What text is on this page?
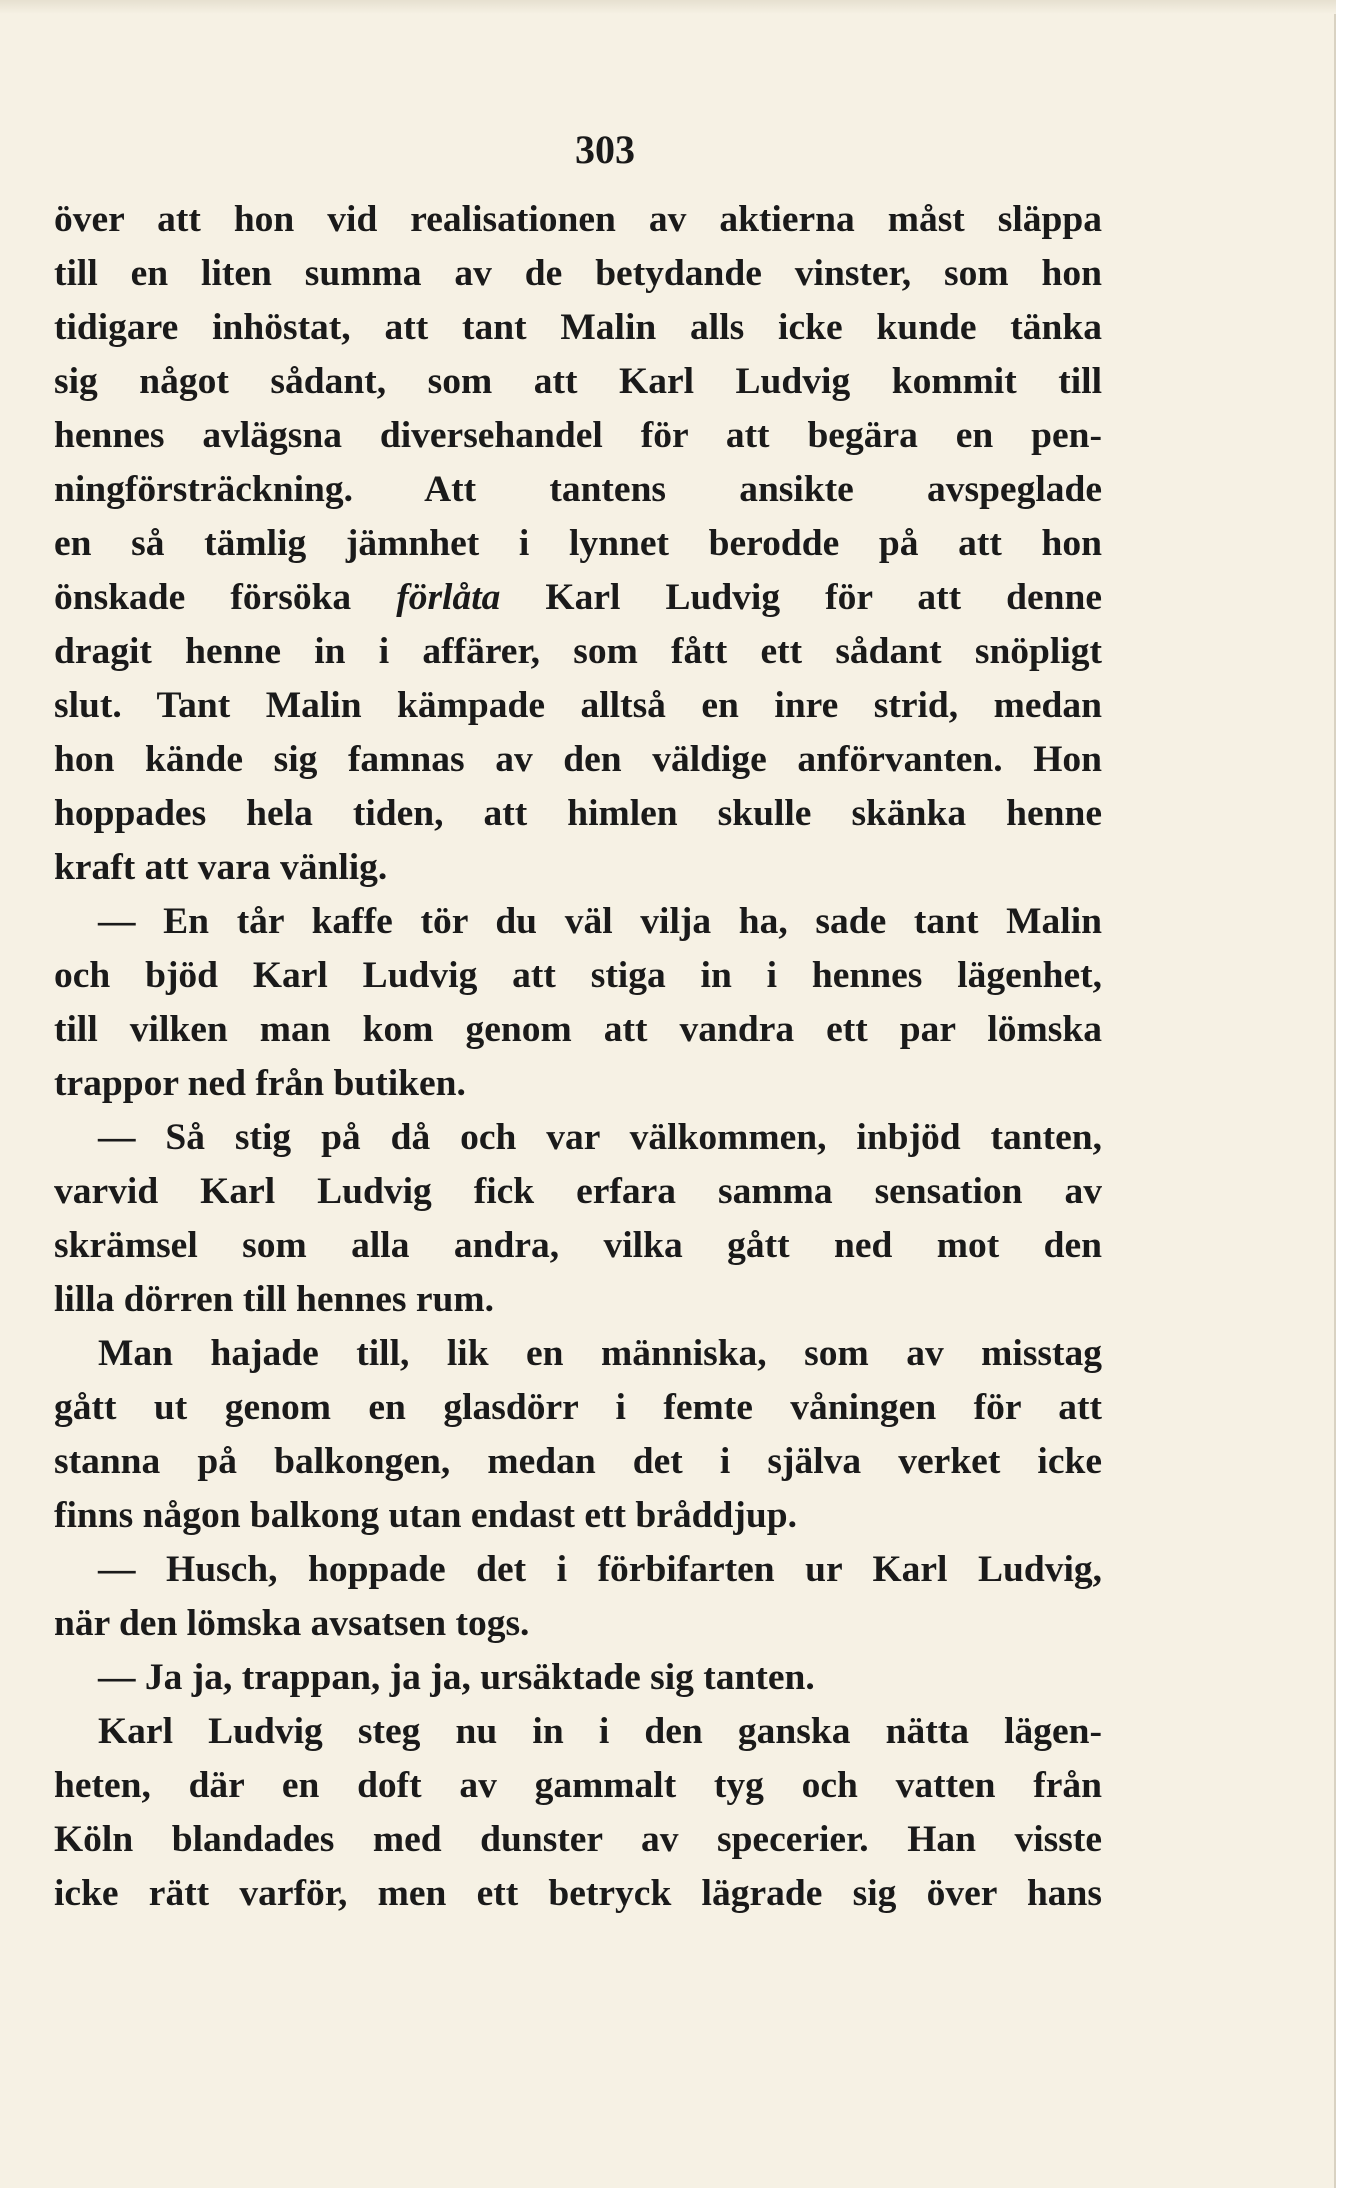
303
över att hon vid realisationen av aktierna måst släppa
till en liten summa av de betydande vinster, som hon
tidigare inhöstat, att tant Malin alls icke kunde tänka
sig något sådant, som att Karl Ludvig kommit till
hennes avlägsna diversehandel för att begära en pen-
ningförsträckning. Att tantens ansikte avspeglade
en så tämlig jämnhet i lynnet berodde på att hon
önskade försöka förlåta Karl Ludvig för att denne
dragit henne in i affärer, som fått ett sådant snöpligt
slut. Tant Malin kämpade alltså en inre strid, medan
hon kände sig famnas av den väldige anförvanten. Hon
hoppades hela tiden, att himlen skulle skänka henne
kraft att vara vänlig.
— En tår kaffe tör du väl vilja ha, sade tant Malin
och bjöd Karl Ludvig att stiga in i hennes lägenhet,
till vilken man kom genom att vandra ett par lömska
trappor ned från butiken.
— Så stig på då och var välkommen, inbjöd tanten,
varvid Karl Ludvig fick erfara samma sensation av
skrämsel som alla andra, vilka gått ned mot den
lilla dörren till hennes rum.
Man hajade till, lik en människa, som av misstag
gått ut genom en glasdörr i femte våningen för att
stanna på balkongen, medan det i själva verket icke
finns någon balkong utan endast ett bråddjup.
— Husch, hoppade det i förbifarten ur Karl Ludvig,
när den lömska avsatsen togs.
— Ja ja, trappan, ja ja, ursäktade sig tanten.
Karl Ludvig steg nu in i den ganska nätta lägen-
heten, där en doft av gammalt tyg och vatten från
Köln blandades med dunster av specerier. Han visste
icke rätt varför, men ett betryck lägrade sig över hans
